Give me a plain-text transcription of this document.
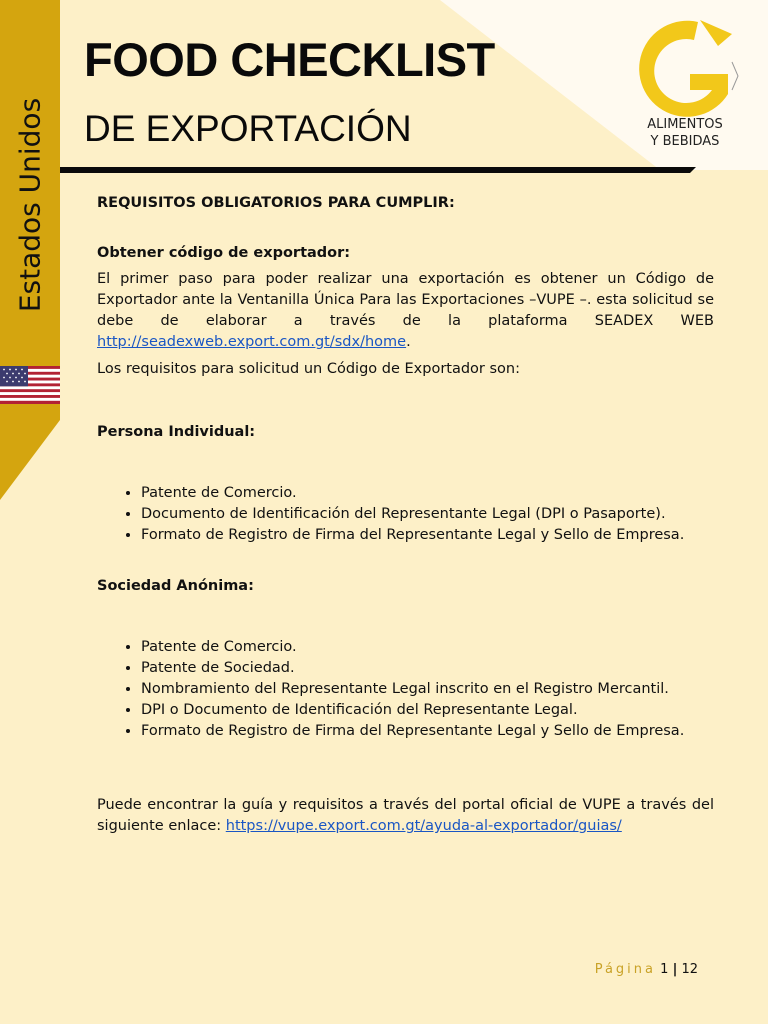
Estados Unidos
FOOD CHECKLIST
DE EXPORTACIÓN	ALIMENTOS
Y BEBIDAS

REQUISITOS OBLIGATORIOS PARA CUMPLIR:

Obtener código de exportador:

El primer paso para poder realizar una exportación es obtener un Código de Exportador ante la Ventanilla Única Para las Exportaciones –VUPE –. esta solicitud se debe de elaborar a través de la plataforma SEADEX WEB http://seadexweb.export.com.gt/sdx/home.

Los requisitos para solicitud un Código de Exportador son:

Persona Individual:

• Patente de Comercio.
• Documento de Identificación del Representante Legal (DPI o Pasaporte).
• Formato de Registro de Firma del Representante Legal y Sello de Empresa.

Sociedad Anónima:

• Patente de Comercio.
• Patente de Sociedad.
• Nombramiento del Representante Legal inscrito en el Registro Mercantil.
• DPI o Documento de Identificación del Representante Legal.
• Formato de Registro de Firma del Representante Legal y Sello de Empresa.

Puede encontrar la guía y requisitos a través del portal oficial de VUPE a través del siguiente enlace: https://vupe.export.com.gt/ayuda-al-exportador/guias/

Página 1 | 12
